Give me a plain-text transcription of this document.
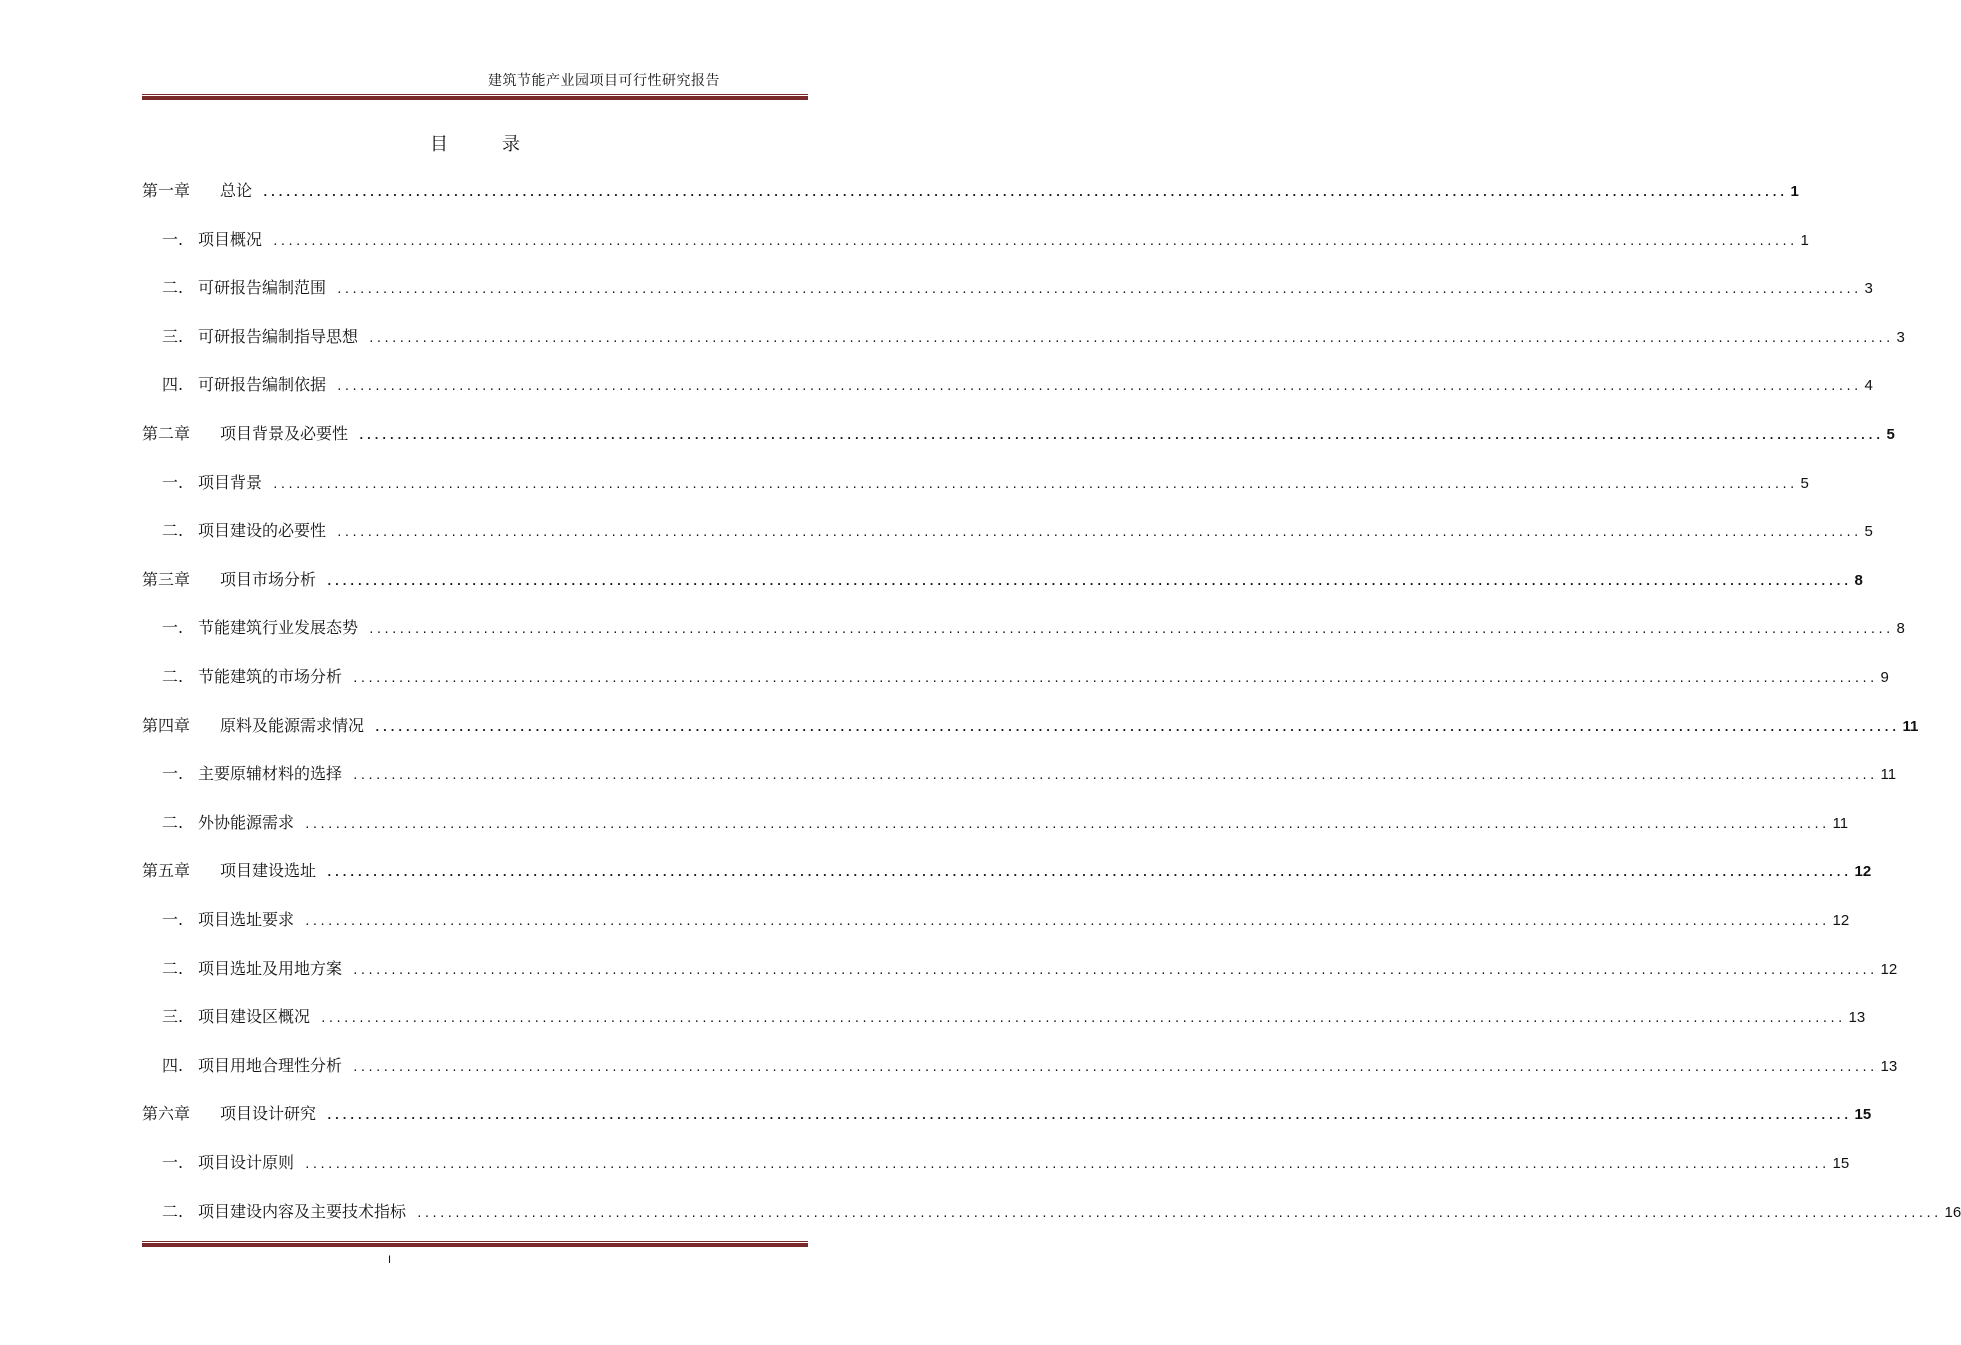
建筑节能产业园项目可行性研究报告
目	录
第一章 总论 ........................................................................................................................................................................................................ 1
一. 项目概况 ........................................................................................................................................................................................................ 1
二. 可研报告编制范围 ........................................................................................................................................................................................................ 3
三. 可研报告编制指导思想 ........................................................................................................................................................................................................ 3
四. 可研报告编制依据 ........................................................................................................................................................................................................ 4
第二章 项目背景及必要性 ........................................................................................................................................................................................................ 5
一. 项目背景 ........................................................................................................................................................................................................ 5
二. 项目建设的必要性 ........................................................................................................................................................................................................ 5
第三章 项目市场分析 ........................................................................................................................................................................................................ 8
一. 节能建筑行业发展态势 ........................................................................................................................................................................................................ 8
二. 节能建筑的市场分析 ........................................................................................................................................................................................................ 9
第四章 原料及能源需求情况 ........................................................................................................................................................................................................ 11
一. 主要原辅材料的选择 ........................................................................................................................................................................................................ 11
二. 外协能源需求 ........................................................................................................................................................................................................ 11
第五章 项目建设选址 ........................................................................................................................................................................................................ 12
一. 项目选址要求 ........................................................................................................................................................................................................ 12
二. 项目选址及用地方案 ........................................................................................................................................................................................................ 12
三. 项目建设区概况 ........................................................................................................................................................................................................ 13
四. 项目用地合理性分析 ........................................................................................................................................................................................................ 13
第六章 项目设计研究 ........................................................................................................................................................................................................ 15
一. 项目设计原则 ........................................................................................................................................................................................................ 15
二. 项目建设内容及主要技术指标 ........................................................................................................................................................................................................ 16
I
